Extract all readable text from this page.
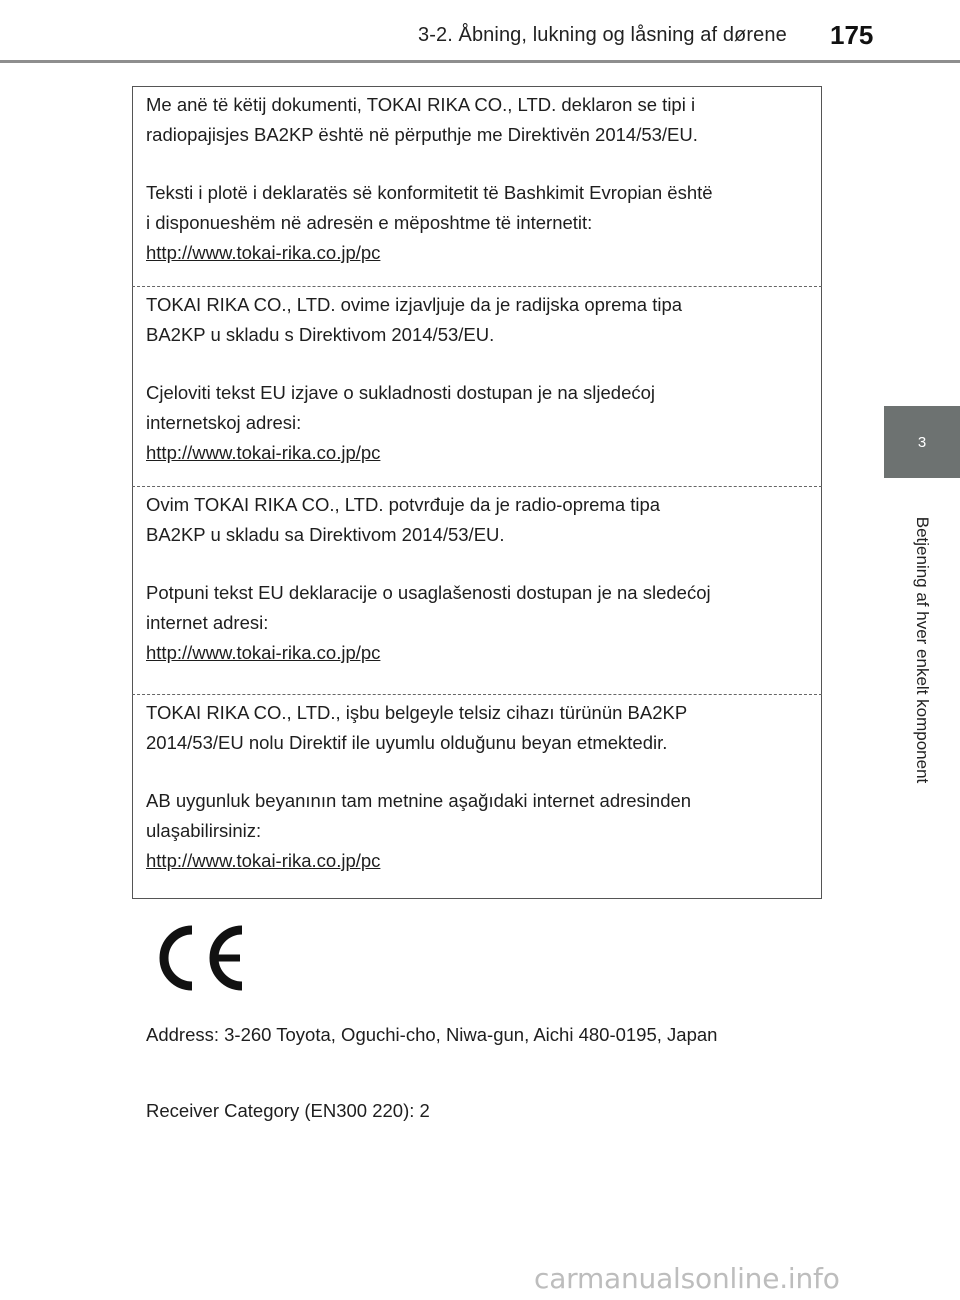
3-2. Åbning, lukning og låsning af dørene 175
3
Betjening af hver enkelt komponent

Me anë të këtij dokumenti, TOKAI RIKA CO., LTD. deklaron se tipi i

radiopajisjes BA2KP është në përputhje me Direktivën 2014/53/EU.

Teksti i plotë i deklaratës së konformitetit të Bashkimit Evropian është

i disponueshëm në adresën e mëposhtme të internetit:

http://www.tokai-rika.co.jp/pc

TOKAI RIKA CO., LTD. ovime izjavljuje da je radijska oprema tipa

BA2KP u skladu s Direktivom 2014/53/EU.

Cjeloviti tekst EU izjave o sukladnosti dostupan je na sljedećoj

internetskoj adresi:

http://www.tokai-rika.co.jp/pc

Ovim TOKAI RIKA CO., LTD. potvrđuje da je radio-oprema tipa

BA2KP u skladu sa Direktivom 2014/53/EU.

Potpuni tekst EU deklaracije o usaglašenosti dostupan je na sledećoj

internet adresi:

http://www.tokai-rika.co.jp/pc

TOKAI RIKA CO., LTD., işbu belgeyle telsiz cihazı türünün BA2KP

2014/53/EU nolu Direktif ile uyumlu olduğunu beyan etmektedir.

AB uygunluk beyanının tam metnine aşağıdaki internet adresinden

ulaşabilirsiniz:

http://www.tokai-rika.co.jp/pc

Address: 3-260 Toyota, Oguchi-cho, Niwa-gun, Aichi 480-0195, Japan
Receiver Category (EN300 220): 2
carmanualsonline.info
